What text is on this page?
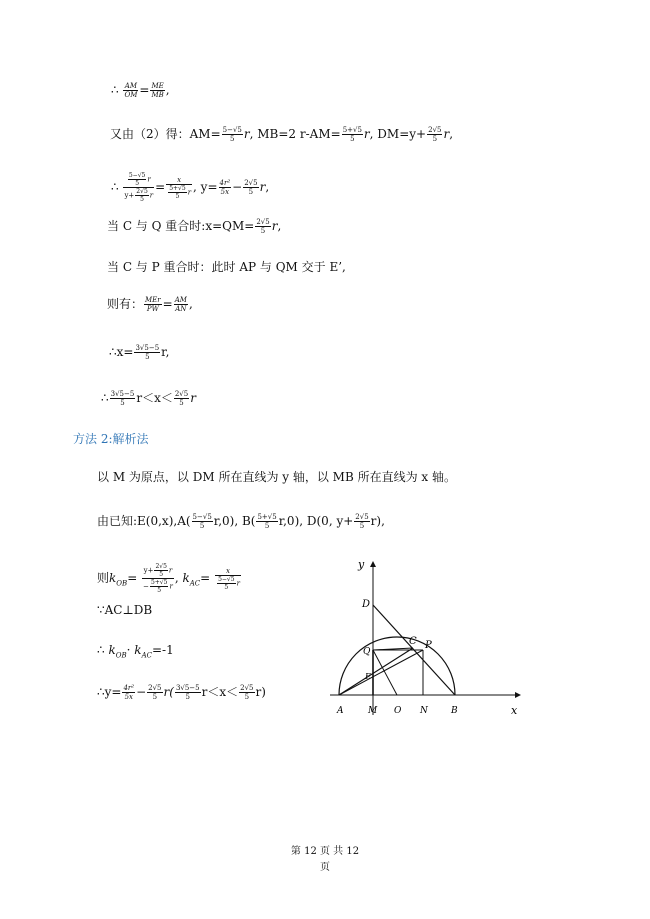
∴ $\frac{AM}{OM} = \frac{ME}{MB}$ ,
又由（2）得：$AM= \frac{5-√5}{5} r$, MB=2 $r-AM= \frac{5+√5}{5} r$, $DM=y+ \frac{2√5}{5} r$,
∴ $\frac{\frac{5-√5}{5} r}{y+ \frac{2√5}{5} r} = \frac{x}{\frac{5+√5}{5} r}$ , $y= \frac{\text{4r²}}{5x} - \frac{2√5}{5} r$,
当 C 与 Q 重合时:x=QM= $\frac{2√5}{5} r$,
当 C 与 P 重合时：此时 AP 与 QM 交于 E’,
则有： $\frac{\text{MEr}}{PW} = \frac{AM}{AN}$ ,
∴x= $\frac{3√5-5}{5} r$,
∴ $\frac{3√5-5}{5} r<x< \frac{2√5}{5}$ r
方法 2:解析法
以 M 为原点，以 DM 所在直线为 y 轴，以 MB 所在直线为 x 轴。
由已知:E(0,x),A( $\frac{5-√5}{5} r,0$), $B( \frac{5+√5}{5} r,0)$, D(0, $y+ \frac{2√5}{5} r$),
则$k_{OB}= \frac{y+ \frac{2√5}{5} r}{- \frac{5+√5}{5} r}$ , $k_{AC}= \frac{x}{\frac{5-√5}{5} r}$
∵AC⊥DB
∴ $k_{OB}\cdot k_{AC}=-1$
∴y= $\frac{\text{4r²}}{5x} - \frac{2√5}{5} r( \frac{3√5-5}{5} r<x< \frac{2√5}{5} r)$
y
x
D
C P
Q
E
A	M O N	B
第 12 页 共 12
页
